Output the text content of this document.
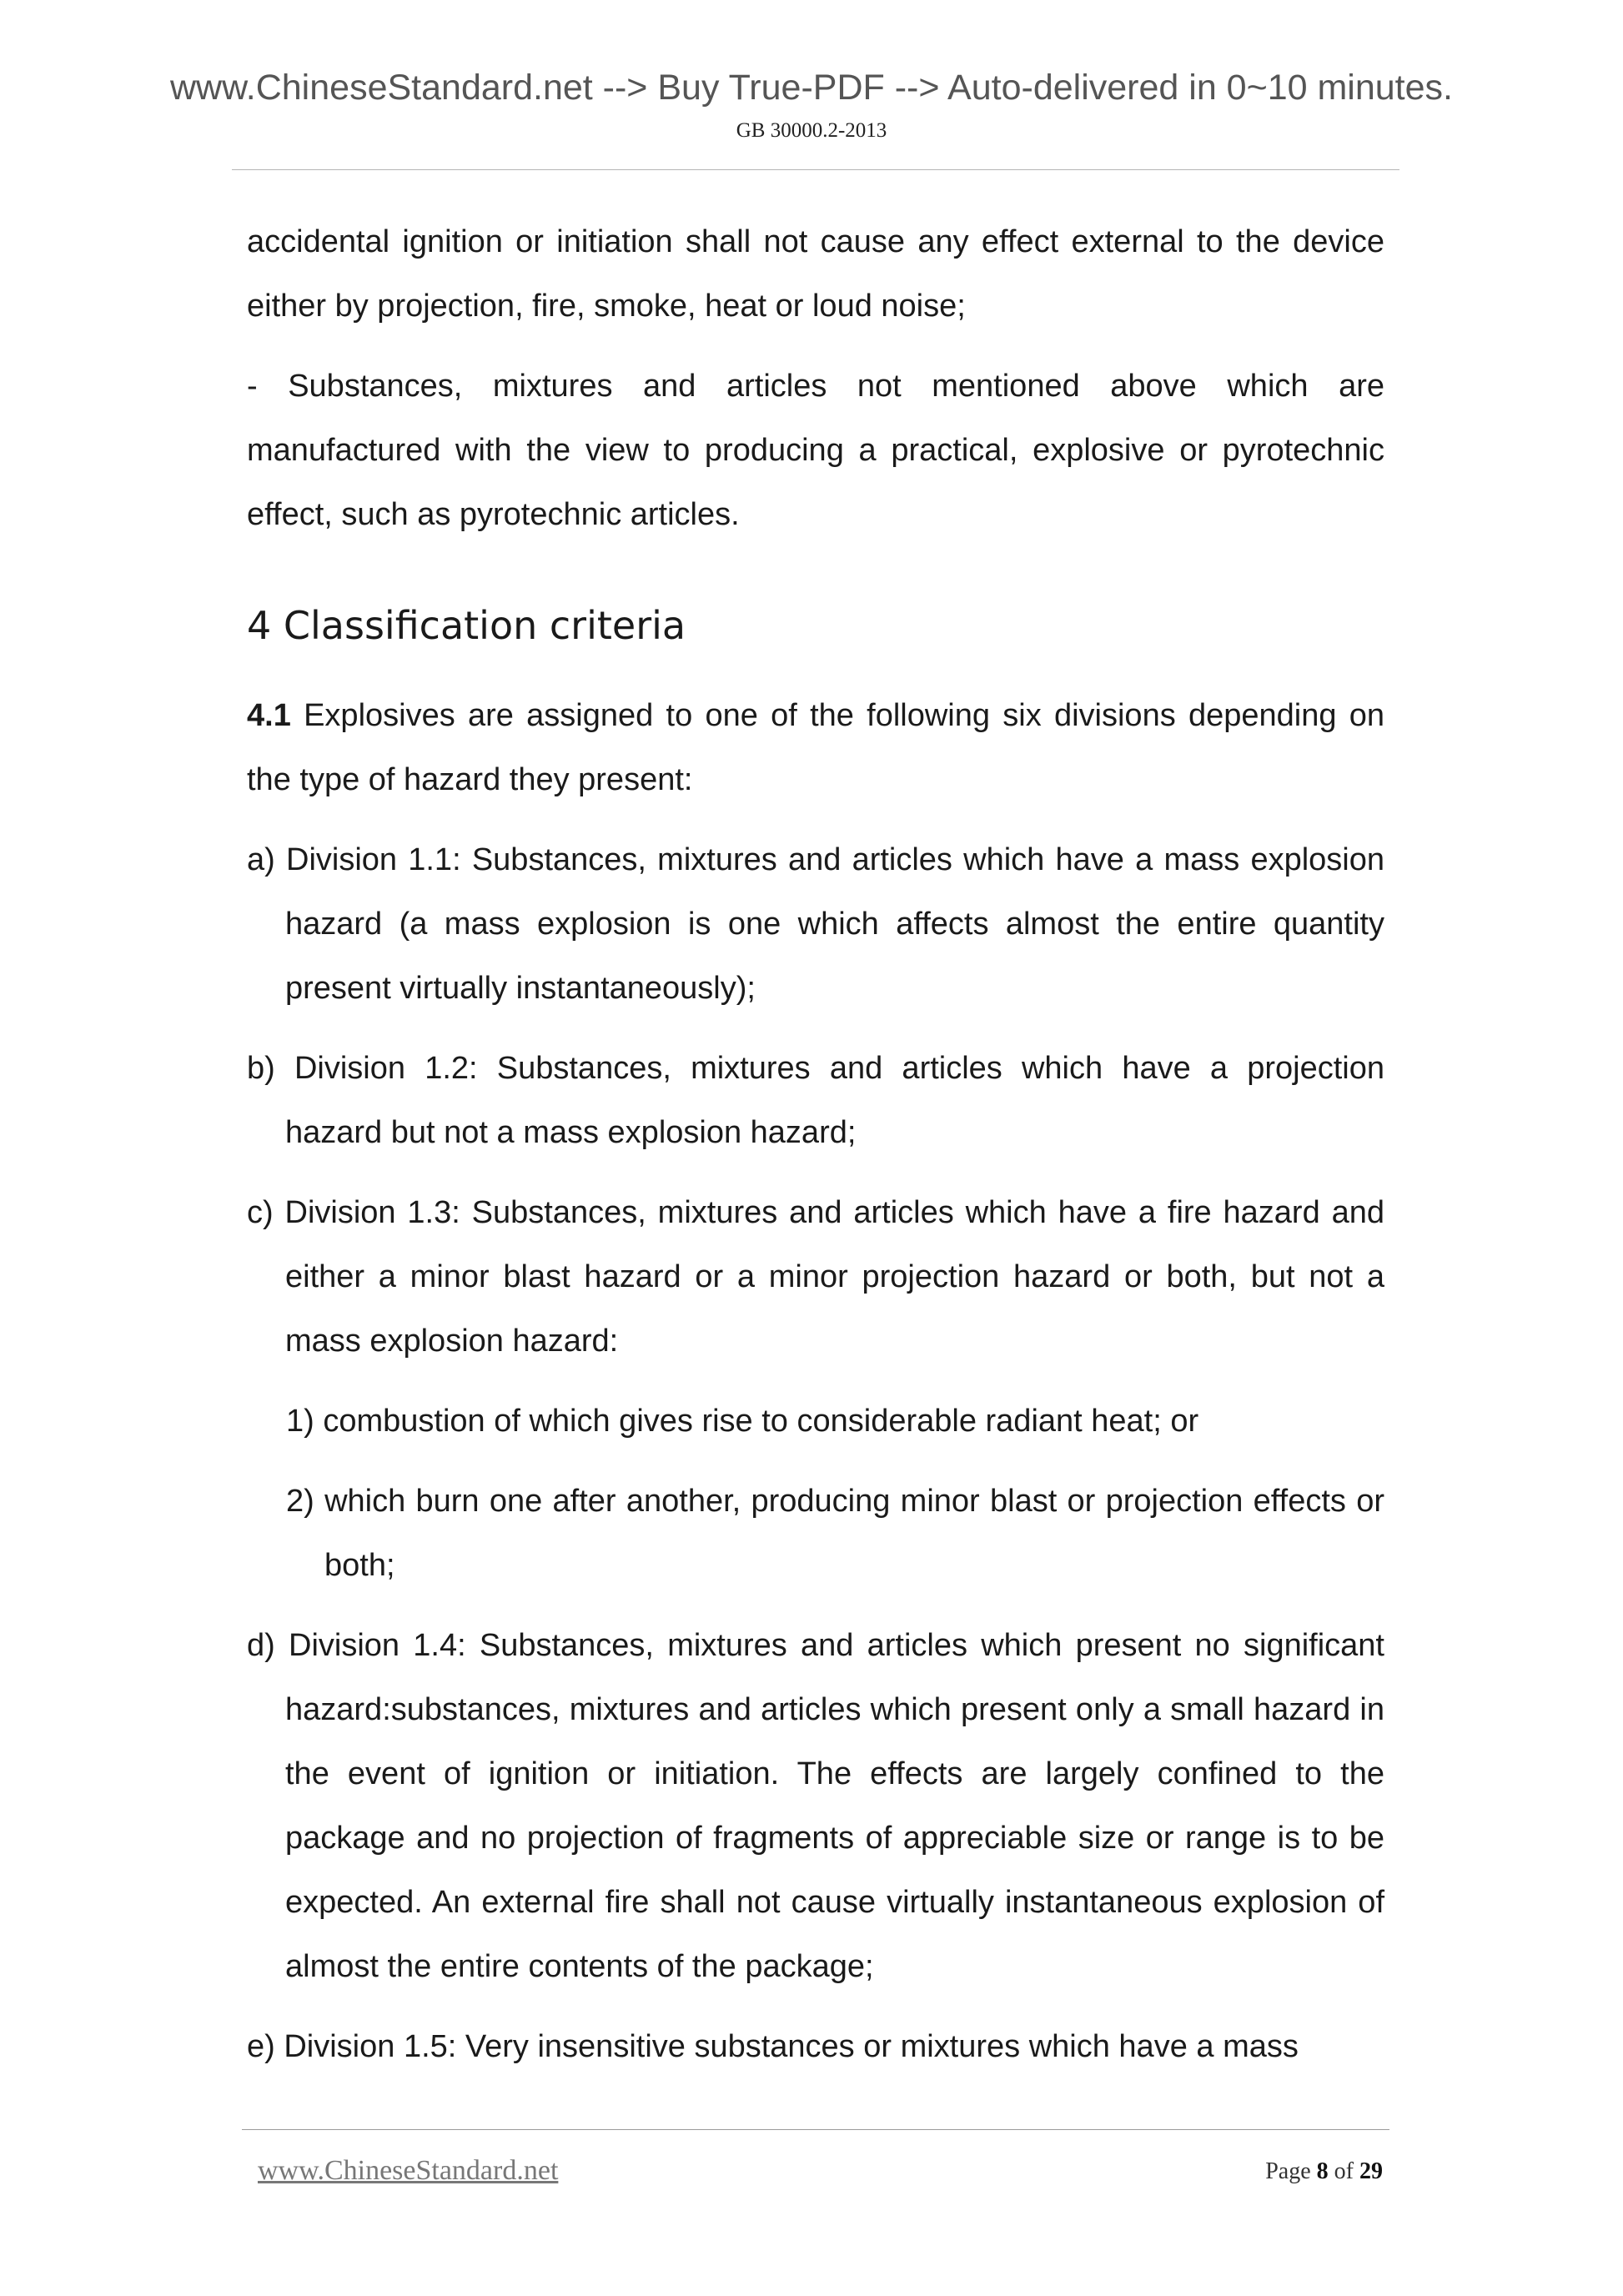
www.ChineseStandard.net --> Buy True-PDF --> Auto-delivered in 0~10 minutes.
GB 30000.2-2013

accidental ignition or initiation shall not cause any effect external to the device either by projection, fire, smoke, heat or loud noise;

- Substances, mixtures and articles not mentioned above which are manufactured with the view to producing a practical, explosive or pyrotechnic effect, such as pyrotechnic articles.

4 Classification criteria

4.1 Explosives are assigned to one of the following six divisions depending on the type of hazard they present:

a) Division 1.1: Substances, mixtures and articles which have a mass explosion hazard (a mass explosion is one which affects almost the entire quantity present virtually instantaneously);

b) Division 1.2: Substances, mixtures and articles which have a projection hazard but not a mass explosion hazard;

c) Division 1.3: Substances, mixtures and articles which have a fire hazard and either a minor blast hazard or a minor projection hazard or both, but not a mass explosion hazard:

1) combustion of which gives rise to considerable radiant heat; or

2) which burn one after another, producing minor blast or projection effects or both;

d) Division 1.4: Substances, mixtures and articles which present no significant hazard:substances, mixtures and articles which present only a small hazard in the event of ignition or initiation. The effects are largely confined to the package and no projection of fragments of appreciable size or range is to be expected. An external fire shall not cause virtually instantaneous explosion of almost the entire contents of the package;

e) Division 1.5: Very insensitive substances or mixtures which have a mass

www.ChineseStandard.net	Page 8 of 29
